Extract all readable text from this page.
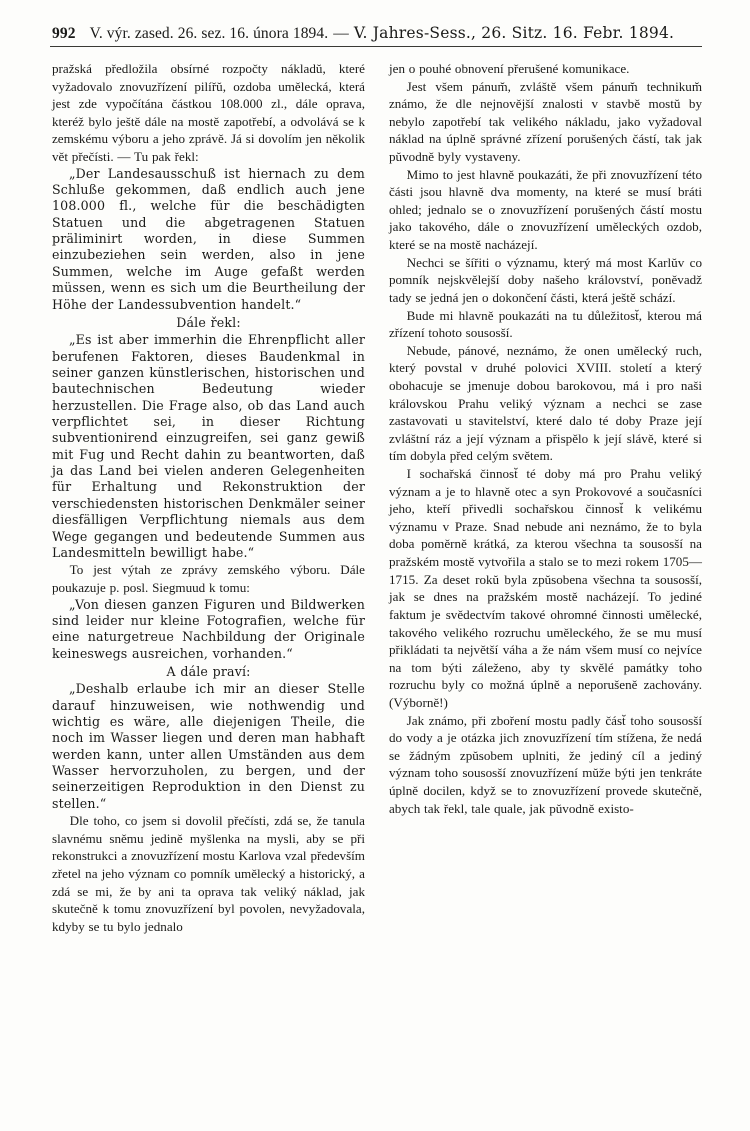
992 V. výr. zased. 26. sez. 16. února 1894. — V. Jahres-Sess., 26. Sitz. 16. Febr. 1894.

pražská předložila obsírné rozpočty nákladŭ, které vyžadovalo znovuzřízení pilířŭ, ozdoba umělecká, která jest zde vypočítána částkou 108.000 zl., dále oprava, kteréž bylo ještě dále na mostě zapotřebí, a odvolává se k zemskému výboru a jeho zprávě. Já si dovolím jen několik vět přečísti. — Tu pak řekl:

„Der Landesausschuß ist hiernach zu dem Schluße gekommen, daß endlich auch jene 108.000 fl., welche für die beschädigten Statuen und die abgetragenen Statuen präliminirt worden, in diese Summen einzubeziehen sein werden, also in jene Summen, welche im Auge gefaßt werden müssen, wenn es sich um die Beurtheilung der Höhe der Landessubvention handelt.“

Dále řekl:

„Es ist aber immerhin die Ehrenpflicht aller berufenen Faktoren, dieses Baudenkmal in seiner ganzen künstlerischen, historischen und bautechnischen Bedeutung wieder herzustellen. Die Frage also, ob das Land auch verpflichtet sei, in dieser Richtung subventionirend einzugreifen, sei ganz gewiß mit Fug und Recht dahin zu beantworten, daß ja das Land bei vielen anderen Gelegenheiten für Erhaltung und Rekonstruktion der verschiedensten historischen Denkmäler seiner diesfälligen Verpflichtung niemals aus dem Wege gegangen und bedeutende Summen aus Landesmitteln bewilligt habe.“

To jest výtah ze zprávy zemského výboru. Dále poukazuje p. posl. Siegmuud k tomu:

„Von diesen ganzen Figuren und Bildwerken sind leider nur kleine Fotografien, welche für eine naturgetreue Nachbildung der Originale keineswegs ausreichen, vorhanden.“

A dále praví:

„Deshalb erlaube ich mir an dieser Stelle darauf hinzuweisen, wie nothwendig und wichtig es wäre, alle diejenigen Theile, die noch im Wasser liegen und deren man habhaft werden kann, unter allen Umständen aus dem Wasser hervorzuholen, zu bergen, und der seinerzeitigen Reproduktion in den Dienst zu stellen.“

Dle toho, co jsem si dovolil přečísti, zdá se, že tanula slavnému sněmu jedině myšlenka na mysli, aby se při rekonstrukci a znovuzřízení mostu Karlova vzal především zřetel na jeho význam co pomník umělecký a historický, a zdá se mi, že by ani ta oprava tak veliký náklad, jak skutečně k tomu znovuzřízení byl povolen, nevyžadovala, kdyby se tu bylo jednalo

jen o pouhé obnovení přerušené komunikace.

Jest všem pánum̆, zvláště všem pánum̆ technikum̆ známo, že dle nejnovější znalosti v stavbě mostŭ by nebylo zapotřebí tak velikého nákladu, jako vyžadoval náklad na úplně správné zřízení porušených částí, tak jak pŭvodně byly vystaveny.

Mimo to jest hlavně poukazáti, že při znovuzřízení této části jsou hlavně dva momenty, na které se musí bráti ohled; jednalo se o znovuzřízení porušených částí mostu jako takového, dále o znovuzřízení uměleckých ozdob, které se na mostě nacházejí.

Nechci se šířiti o významu, který má most Karlŭv co pomník nejskvělejší doby našeho království, poněvadž tady se jedná jen o dokončení části, která ještě schází.

Bude mi hlavně poukazáti na tu důležitost̆, kterou má zřízení tohoto sousosší.

Nebude, pánové, neznámo, že onen umělecký ruch, který povstal v druhé polovici XVIII. století a který obohacuje se jmenuje dobou barokovou, má i pro naši královskou Prahu veliký význam a nechci se zase zastavovati u stavitelství, které dalo té doby Praze její zvláštní ráz a její význam a přispělo k její slávě, které si tím dobyla před celým světem.

I sochařská činnost̆ té doby má pro Prahu veliký význam a je to hlavně otec a syn Prokovové a současníci jeho, kteří přivedli sochařskou činnost̆ k velikému významu v Praze. Snad nebude ani neznámo, že to byla doba poměrně krátká, za kterou všechna ta sousosší na pražském mostě vytvořila a stalo se to mezi rokem 1705—1715. Za deset rokŭ byla zpŭsobena všechna ta sousosší, jak se dnes na pražském mostě nacházejí. To jediné faktum je svědectvím takové ohromné činnosti umělecké, takového velikého rozruchu uměleckého, že se mu musí přikládati ta největší váha a že nám všem musí co nejvíce na tom býti záleženo, aby ty skvělé památky toho rozruchu byly co možná úplně a neporušeně zachovány. (Výborně!)

Jak známo, při zboření mostu padly část̆ toho sousosší do vody a je otázka jich znovuzřízení tím stížena, že nedá se žádným zpŭsobem uplniti, že jediný cíl a jediný význam toho sousosší znovuzřízení mŭže býti jen tenkráte úplně docilen, když se to znovuzřízení provede skutečně, abych tak řekl, tale quale, jak pŭvodně existo-
